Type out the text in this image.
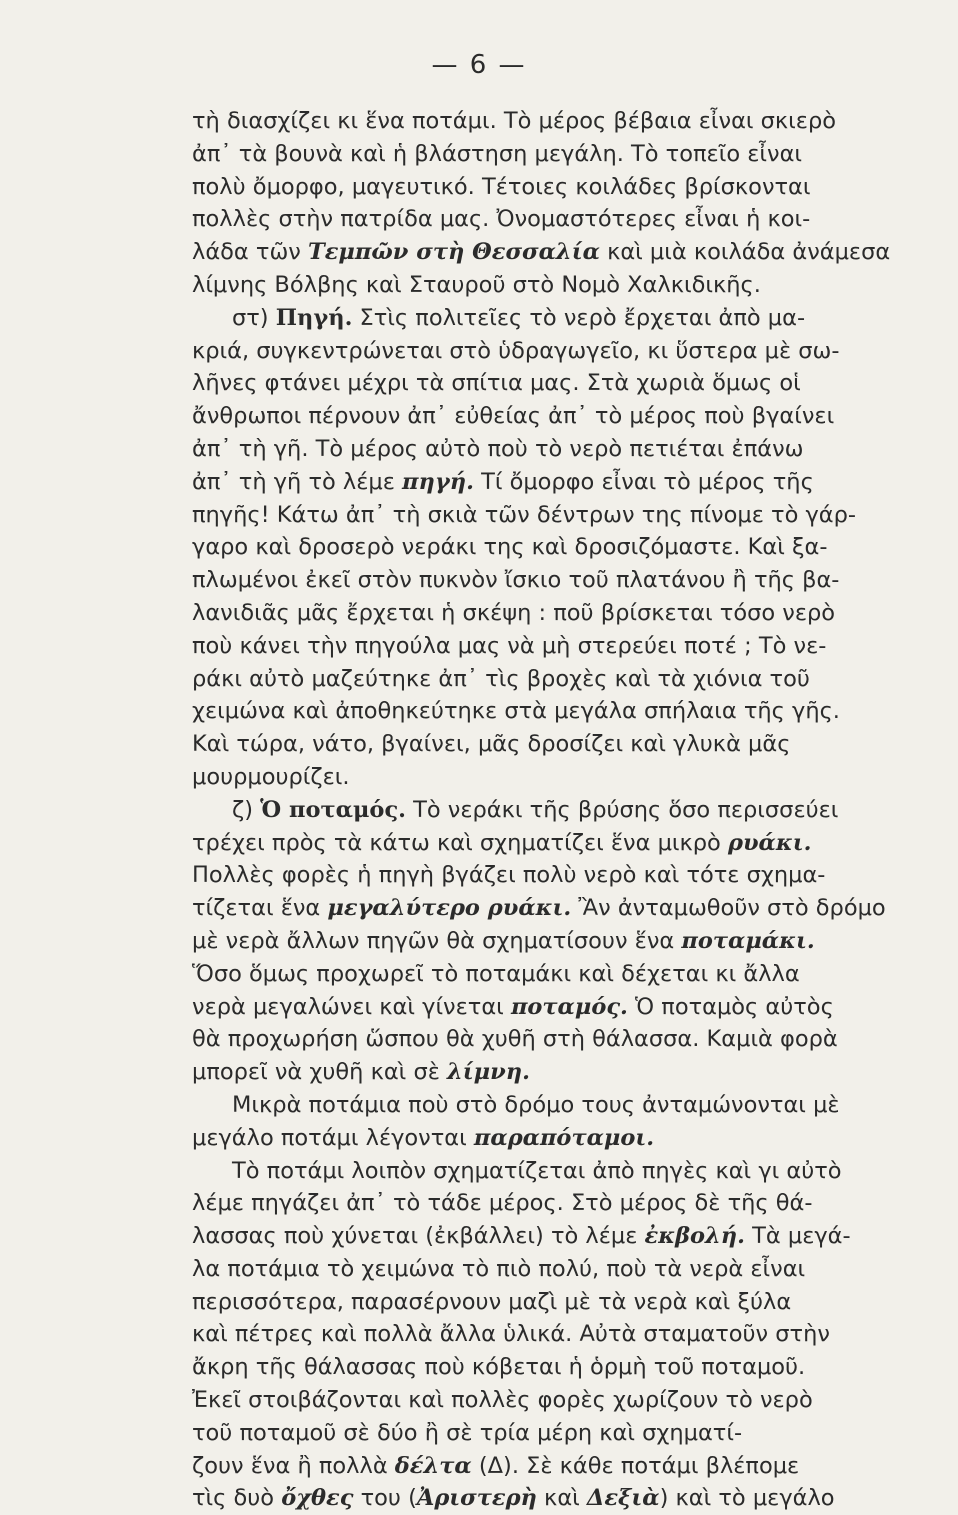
— 6 —
τὴ διασχίζει κι ἕνα ποτάμι. Τὸ μέρος βέβαια εἶναι σκιερὸ
ἀπ᾽ τὰ βουνὰ καὶ ἡ βλάστηση μεγάλη. Τὸ τοπεῖο εἶναι
πολὺ ὄμορφο, μαγευτικό. Τέτοιες κοιλάδες βρίσκονται
πολλὲς στὴν πατρίδα μας. Ὀνομαστότερες εἶναι ἡ κοι-
λάδα τῶν Τεμπῶν στὴ Θεσσαλία καὶ μιὰ κοιλάδα ἀνάμεσα
λίμνης Βόλβης καὶ Σταυροῦ στὸ Νομὸ Χαλκιδικῆς.
στ) Πηγή. Στὶς πολιτεῖες τὸ νερὸ ἔρχεται ἀπὸ μα-
κριά, συγκεντρώνεται στὸ ὑδραγωγεῖο, κι ὕστερα μὲ σω-
λῆνες φτάνει μέχρι τὰ σπίτια μας. Στὰ χωριὰ ὅμως οἱ
ἄνθρωποι πέρνουν ἀπ᾽ εὐθείας ἀπ᾽ τὸ μέρος ποὺ βγαίνει
ἀπ᾽ τὴ γῆ. Τὸ μέρος αὐτὸ ποὺ τὸ νερὸ πετιέται ἐπάνω
ἀπ᾽ τὴ γῆ τὸ λέμε πηγή. Τί ὄμορφο εἶναι τὸ μέρος τῆς
πηγῆς! Κάτω ἀπ᾽ τὴ σκιὰ τῶν δέντρων της πίνομε τὸ γάρ-
γαρο καὶ δροσερὸ νεράκι της καὶ δροσιζόμαστε. Καὶ ξα-
πλωμένοι ἐκεῖ στὸν πυκνὸν ἴσκιο τοῦ πλατάνου ἢ τῆς βα-
λανιδιᾶς μᾶς ἔρχεται ἡ σκέψη : ποῦ βρίσκεται τόσο νερὸ
ποὺ κάνει τὴν πηγούλα μας νὰ μὴ στερεύει ποτέ ; Τὸ νε-
ράκι αὐτὸ μαζεύτηκε ἀπ᾽ τὶς βροχὲς καὶ τὰ χιόνια τοῦ
χειμώνα καὶ ἀποθηκεύτηκε στὰ μεγάλα σπήλαια τῆς γῆς.
Καὶ τώρα, νάτο, βγαίνει, μᾶς δροσίζει καὶ γλυκὰ μᾶς
μουρμουρίζει.
ζ) Ὁ ποταμός. Τὸ νεράκι τῆς βρύσης ὅσο περισσεύει
τρέχει πρὸς τὰ κάτω καὶ σχηματίζει ἕνα μικρὸ ρυάκι.
Πολλὲς φορὲς ἡ πηγὴ βγάζει πολὺ νερὸ καὶ τότε σχημα-
τίζεται ἕνα μεγαλύτερο ρυάκι. Ἂν ἀνταμωθοῦν στὸ δρόμο
μὲ νερὰ ἄλλων πηγῶν θὰ σχηματίσουν ἕνα ποταμάκι.
Ὅσο ὅμως προχωρεῖ τὸ ποταμάκι καὶ δέχεται κι ἄλλα
νερὰ μεγαλώνει καὶ γίνεται ποταμός. Ὁ ποταμὸς αὐτὸς
θὰ προχωρήση ὥσπου θὰ χυθῆ στὴ θάλασσα. Καμιὰ φορὰ
μπορεῖ νὰ χυθῆ καὶ σὲ λίμνη.
Μικρὰ ποτάμια ποὺ στὸ δρόμο τους ἀνταμώνονται μὲ
μεγάλο ποτάμι λέγονται παραπόταμοι.
Τὸ ποτάμι λοιπὸν σχηματίζεται ἀπὸ πηγὲς καὶ γι αὐτὸ
λέμε πηγάζει ἀπ᾽ τὸ τάδε μέρος. Στὸ μέρος δὲ τῆς θά-
λασσας ποὺ χύνεται (ἐκβάλλει) τὸ λέμε ἐκβολή. Τὰ μεγά-
λα ποτάμια τὸ χειμώνα τὸ πιὸ πολύ, ποὺ τὰ νερὰ εἶναι
περισσότερα, παρασέρνουν μαζὶ μὲ τὰ νερὰ καὶ ξύλα
καὶ πέτρες καὶ πολλὰ ἄλλα ὑλικά. Αὐτὰ σταματοῦν στὴν
ἄκρη τῆς θάλασσας ποὺ κόβεται ἡ ὁρμὴ τοῦ ποταμοῦ.
Ἐκεῖ στοιβάζονται καὶ πολλὲς φορὲς χωρίζουν τὸ νερὸ
τοῦ ποταμοῦ σὲ δύο ἢ σὲ τρία μέρη καὶ σχηματί-
ζουν ἕνα ἢ πολλὰ δέλτα (Δ). Σὲ κάθε ποτάμι βλέπομε
τὶς δυὸ ὄχθες του (Ἀριστερὴ καὶ Δεξιὰ) καὶ τὸ μεγάλο
